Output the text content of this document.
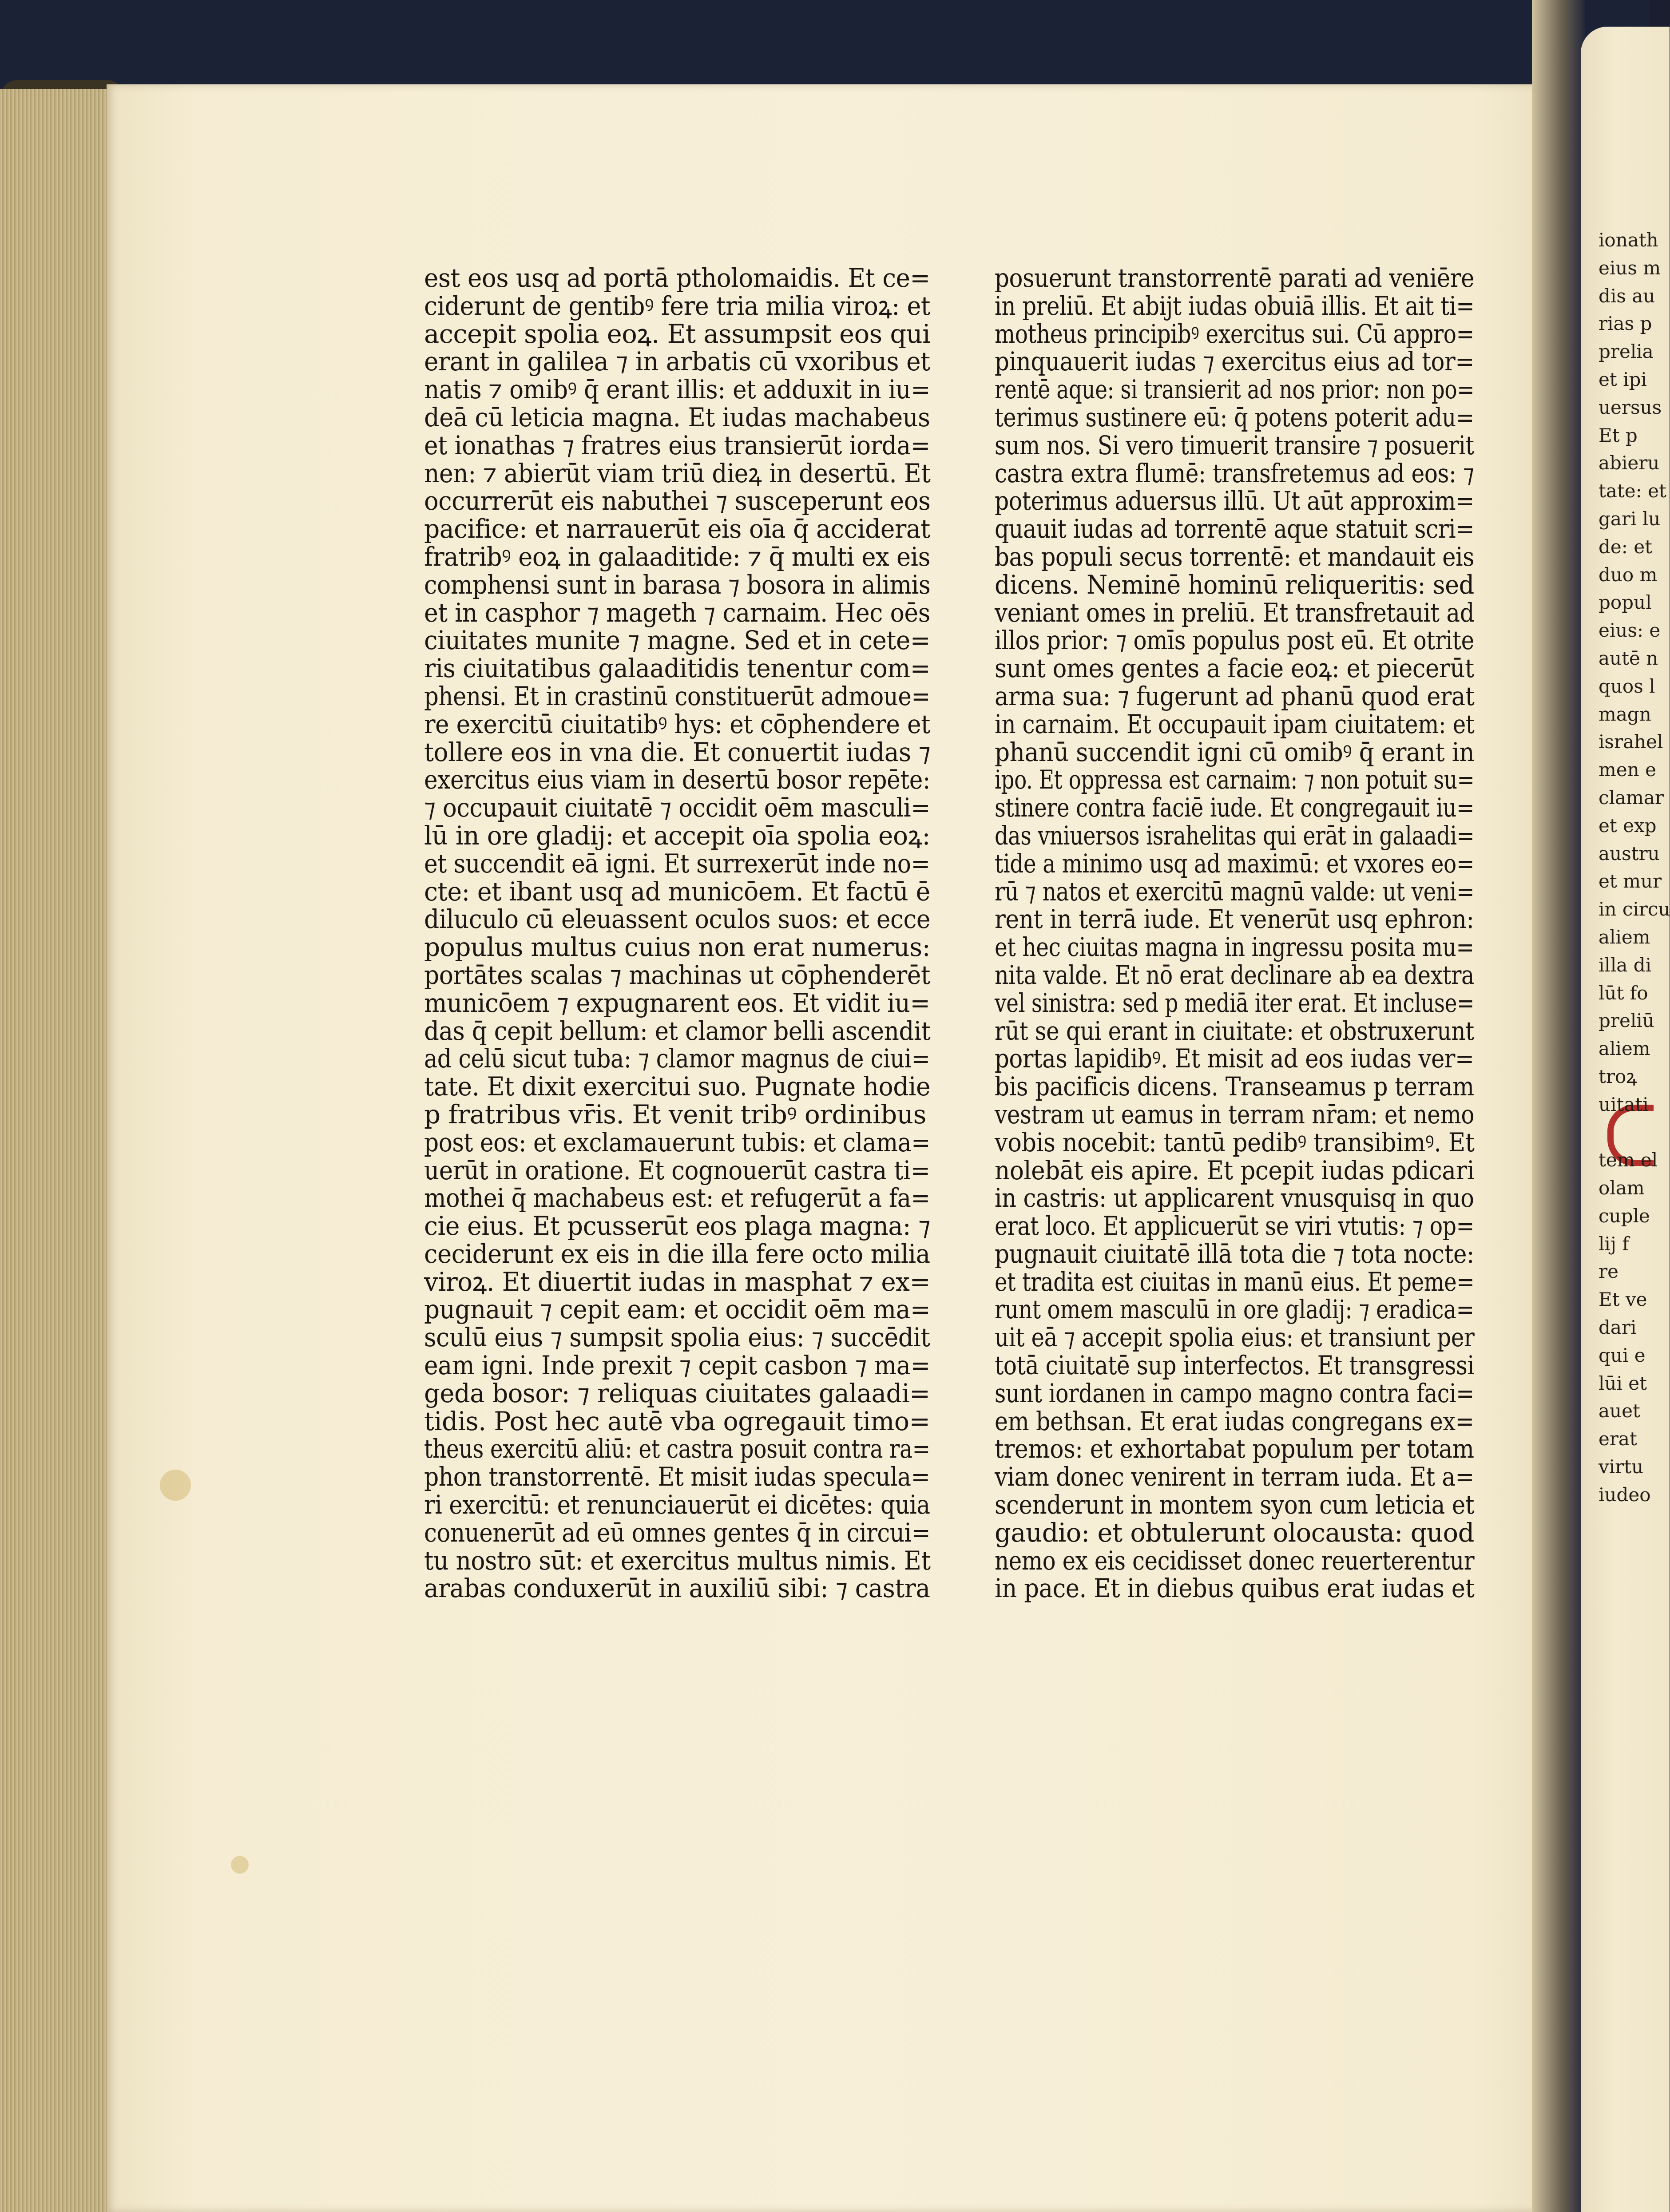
est eos usq ad portā ptholomaidis. Et ce=
ciderunt de gentibꝰ fere tria milia viroꝝ: et
accepit spolia eoꝝ. Et assumpsit eos qui
erant in galilea ⁊ in arbatis cū vxoribus et
natis ⁊ omibꝰ q̄ erant illis: et adduxit in iu=
deā cū leticia magna. Et iudas machabeus
et ionathas ⁊ fratres eius transierūt iorda=
nen: ⁊ abierūt viam triū dieꝝ in desertū. Et
occurrerūt eis nabuthei ⁊ susceperunt eos
pacifice: et narrauerūt eis oīa q̄ acciderat
fratribꝰ eoꝝ in galaaditide: ⁊ q̄ multi ex eis
comphensi sunt in barasa ⁊ bosora in alimis
et in casphor ⁊ mageth ⁊ carnaim. Hec oēs
ciuitates munite ⁊ magne. Sed et in cete=
ris ciuitatibus galaaditidis tenentur com=
phensi. Et in crastinū constituerūt admoue=
re exercitū ciuitatibꝰ hys: et cōphendere et
tollere eos in vna die. Et conuertit iudas ⁊
exercitus eius viam in desertū bosor repēte:
⁊ occupauit ciuitatē ⁊ occidit oēm masculi=
lū in ore gladij: et accepit oīa spolia eoꝝ:
et succendit eā igni. Et surrexerūt inde no=
cte: et ibant usq ad municōem. Et factū ē
diluculo cū eleuassent oculos suos: et ecce
populus multus cuius non erat numerus:
portātes scalas ⁊ machinas ut cōphenderēt
municōem ⁊ expugnarent eos. Et vidit iu=
das q̄ cepit bellum: et clamor belli ascendit
ad celū sicut tuba: ⁊ clamor magnus de ciui=
tate. Et dixit exercitui suo. Pugnate hodie
p fratribus vr̄is. Et venit tribꝰ ordinibus
post eos: et exclamauerunt tubis: et clama=
uerūt in oratione. Et cognouerūt castra ti=
mothei q̄ machabeus est: et refugerūt a fa=
cie eius. Et pcusserūt eos plaga magna: ⁊
ceciderunt ex eis in die illa fere octo milia
viroꝝ. Et diuertit iudas in masphat ⁊ ex=
pugnauit ⁊ cepit eam: et occidit oēm ma=
sculū eius ⁊ sumpsit spolia eius: ⁊ succēdit
eam igni. Inde prexit ⁊ cepit casbon ⁊ ma=
geda bosor: ⁊ reliquas ciuitates galaadi=
tidis. Post hec autē vba ogregauit timo=
theus exercitū aliū: et castra posuit contra ra=
phon transtorrentē. Et misit iudas specula=
ri exercitū: et renunciauerūt ei dicētes: quia
conuenerūt ad eū omnes gentes q̄ in circui=
tu nostro sūt: et exercitus multus nimis. Et
arabas conduxerūt in auxiliū sibi: ⁊ castra
posuerunt transtorrentē parati ad veniēre
in preliū. Et abijt iudas obuiā illis. Et ait ti=
motheus principibꝰ exercitus sui. Cū appro=
pinquauerit iudas ⁊ exercitus eius ad tor=
rentē aque: si transierit ad nos prior: non po=
terimus sustinere eū: q̄ potens poterit adu=
sum nos. Si vero timuerit transire ⁊ posuerit
castra extra flumē: transfretemus ad eos: ⁊
poterimus aduersus illū. Ut aūt approxim=
quauit iudas ad torrentē aque statuit scri=
bas populi secus torrentē: et mandauit eis
dicens. Neminē hominū reliqueritis: sed
veniant omes in preliū. Et transfretauit ad
illos prior: ⁊ omīs populus post eū. Et otrite
sunt omes gentes a facie eoꝝ: et piecerūt
arma sua: ⁊ fugerunt ad phanū quod erat
in carnaim. Et occupauit ipam ciuitatem: et
phanū succendit igni cū omibꝰ q̄ erant in
ipo. Et oppressa est carnaim: ⁊ non potuit su=
stinere contra faciē iude. Et congregauit iu=
das vniuersos israhelitas qui erāt in galaadi=
tide a minimo usq ad maximū: et vxores eo=
rū ⁊ natos et exercitū magnū valde: ut veni=
rent in terrā iude. Et venerūt usq ephron:
et hec ciuitas magna in ingressu posita mu=
nita valde. Et nō erat declinare ab ea dextra
vel sinistra: sed p mediā iter erat. Et incluse=
rūt se qui erant in ciuitate: et obstruxerunt
portas lapidibꝰ. Et misit ad eos iudas ver=
bis pacificis dicens. Transeamus p terram
vestram ut eamus in terram nr̄am: et nemo
vobis nocebit: tantū pedibꝰ transibimꝰ. Et
nolebāt eis apire. Et pcepit iudas pdicari
in castris: ut applicarent vnusquisq in quo
erat loco. Et applicuerūt se viri vtutis: ⁊ op=
pugnauit ciuitatē illā tota die ⁊ tota nocte:
et tradita est ciuitas in manū eius. Et peme=
runt omem masculū in ore gladij: ⁊ eradica=
uit eā ⁊ accepit spolia eius: et transiunt per
totā ciuitatē sup interfectos. Et transgressi
sunt iordanen in campo magno contra faci=
em bethsan. Et erat iudas congregans ex=
tremos: et exhortabat populum per totam
viam donec venirent in terram iuda. Et a=
scenderunt in montem syon cum leticia et
gaudio: et obtulerunt olocausta: quod
nemo ex eis cecidisset donec reuerterentur
in pace. Et in diebus quibus erat iudas et
ionath
eius m
dis au
rias p
prelia
et ipi
uersus
Et p
abieru
tate: et
gari lu
de: et
duo m
popul
eius: e
autē n
quos l
magn
israhel
men e
clamar
et exp
austru
et mur
in circu
aliem
illa di
lūt fo
preliū
aliem
troꝝ
uitati
tem el
olam
cuple
lij f
re
Et ve
dari
qui e
lūi et
auet
erat
virtu
iudeo
